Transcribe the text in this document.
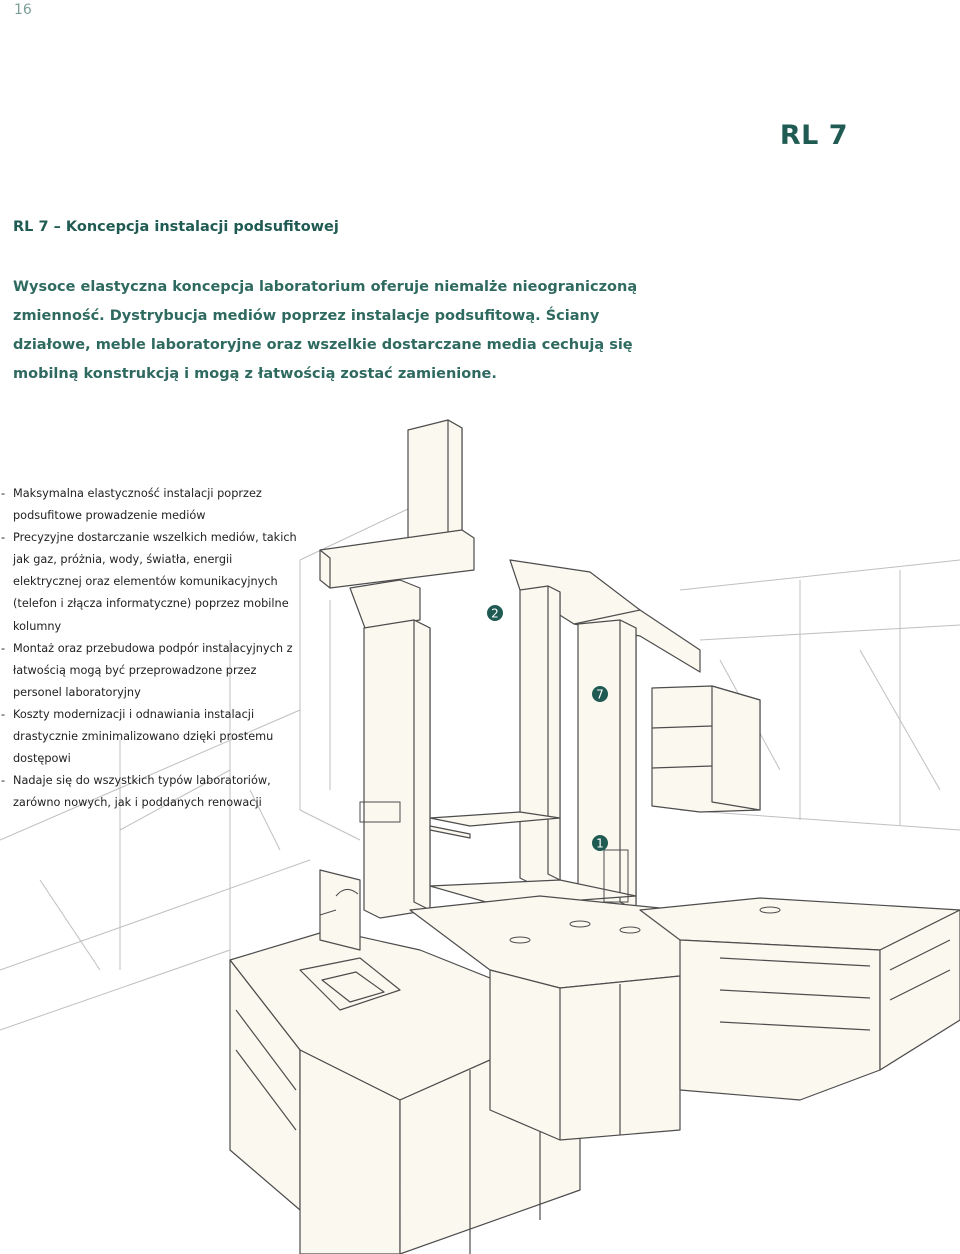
16
RL 7
RL 7 – Koncepcja instalacji podsufitowej

Wysoce elastyczna koncepcja laboratorium oferuje niemalże nieograniczoną
zmienność. Dystrybucja mediów poprzez instalacje podsufitową. Ściany
działowe, meble laboratoryjne oraz wszelkie dostarczane media cechują się
mobilną konstrukcją i mogą z łatwością zostać zamienione.

2
7
1
- Maksymalna elastyczność instalacji poprzez podsufitowe prowadzenie mediów
- Precyzyjne dostarczanie wszelkich mediów, takich jak gaz, próżnia, wody, światła, energii elektrycznej oraz elementów komunikacyjnych (telefon i złącza informatyczne) poprzez mobilne kolumny
- Montaż oraz przebudowa podpór instalacyjnych z łatwością mogą być przeprowadzone przez personel laboratoryjny
- Koszty modernizacji i odnawiania instalacji drastycznie zminimalizowano dzięki prostemu dostępowi
- Nadaje się do wszystkich typów laboratoriów, zarówno nowych, jak i poddanych renowacji
